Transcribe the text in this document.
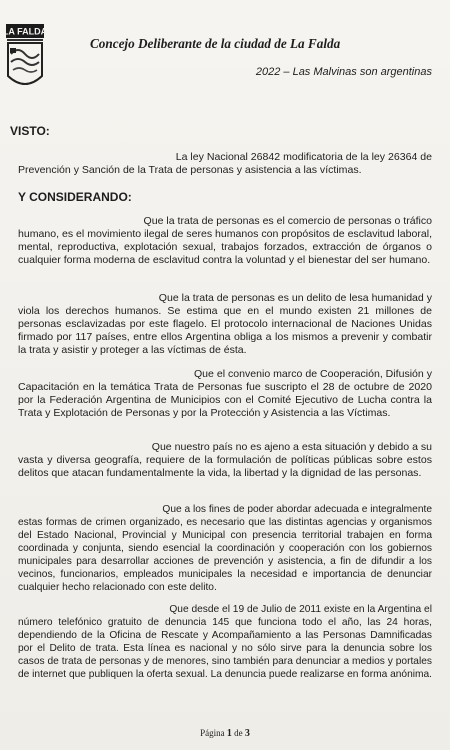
LA FALDA
Concejo Deliberante de la ciudad de La Falda
2022 – Las Malvinas son argentinas
VISTO:
La ley Nacional 26842 modificatoria de la ley 26364 de
Prevención y Sanción de la Trata de personas y asistencia a las víctimas.
Y CONSIDERANDO:
Que la trata de personas es el comercio de personas o tráfico
humano, es el movimiento ilegal de seres humanos con propósitos de esclavitud laboral, mental, reproductiva, explotación sexual, trabajos forzados, extracción de órganos o cualquier forma moderna de esclavitud contra la voluntad y el bienestar del ser humano.
Que la trata de personas es un delito de lesa humanidad y
viola los derechos humanos. Se estima que en el mundo existen 21 millones de personas esclavizadas por este flagelo. El protocolo internacional de Naciones Unidas firmado por 117 países, entre ellos Argentina obliga a los mismos a prevenir y combatir la trata y asistir y proteger a las víctimas de ésta.
Que el convenio marco de Cooperación, Difusión y
Capacitación en la temática Trata de Personas fue suscripto el 28 de octubre de 2020 por la Federación Argentina de Municipios con el Comité Ejecutivo de Lucha contra la Trata y Explotación de Personas y por la Protección y Asistencia a las Víctimas.
Que nuestro país no es ajeno a esta situación y debido a su
vasta y diversa geografía, requiere de la formulación de políticas públicas sobre estos delitos que atacan fundamentalmente la vida, la libertad y la dignidad de las personas.
Que a los fines de poder abordar adecuada e integralmente
estas formas de crimen organizado, es necesario que las distintas agencias y organismos del Estado Nacional, Provincial y Municipal con presencia territorial trabajen en forma coordinada y conjunta, siendo esencial la coordinación y cooperación con los gobiernos municipales para desarrollar acciones de prevención y asistencia, a fin de difundir a los vecinos, funcionarios, empleados municipales la necesidad e importancia de denunciar cualquier hecho relacionado con este delito.
Que desde el 19 de Julio de 2011 existe en la Argentina el
número telefónico gratuito de denuncia 145 que funciona todo el año, las 24 horas, dependiendo de la Oficina de Rescate y Acompañamiento a las Personas Damnificadas por el Delito de trata. Esta línea es nacional y no sólo sirve para la denuncia sobre los casos de trata de personas y de menores, sino también para denunciar a medios y portales de internet que publiquen la oferta sexual. La denuncia puede realizarse en forma anónima.
Página 1 de 3
